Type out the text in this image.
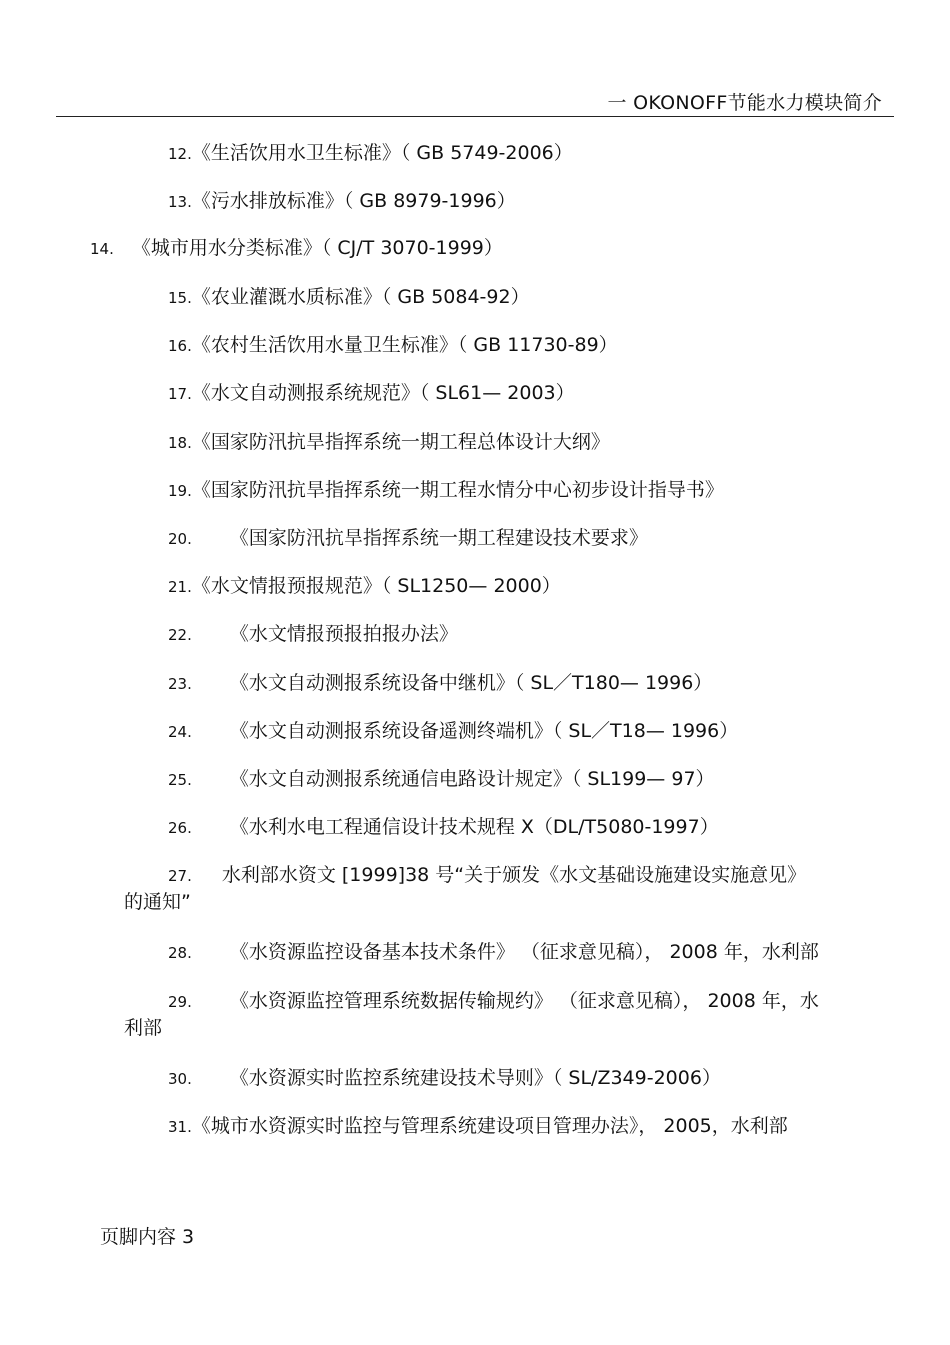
一 OKONOFF节能水力模块简介
12.《生活饮用水卫生标准》（ GB 5749-2006）
13.《污水排放标准》（ GB 8979-1996）
14. 《城市用水分类标准》（ CJ/T 3070-1999）
15.《农业灌溉水质标准》（ GB 5084-92）
16.《农村生活饮用水量卫生标准》（ GB 11730-89）
17.《水文自动测报系统规范》（ SL61— 2003）
18.《国家防汛抗旱指挥系统一期工程总体设计大纲》
19.《国家防汛抗旱指挥系统一期工程水情分中心初步设计指导书》
20. 《国家防汛抗旱指挥系统一期工程建设技术要求》
21.《水文情报预报规范》（ SL1250— 2000）
22. 《水文情报预报拍报办法》
23. 《水文自动测报系统设备中继机》（ SL／T180— 1996）
24. 《水文自动测报系统设备遥测终端机》（ SL／T18— 1996）
25. 《水文自动测报系统通信电路设计规定》（ SL199— 97）
26. 《水利水电工程通信设计技术规程 X（DL/T5080-1997）
27. 水利部水资文 [1999]38 号“关于颁发《水文基础设施建设实施意见》
的通知”
28. 《水资源监控设备基本技术条件》 （征求意见稿）， 2008 年，水利部
29. 《水资源监控管理系统数据传输规约》 （征求意见稿）， 2008 年，水
利部
30. 《水资源实时监控系统建设技术导则》（ SL/Z349-2006）
31.《城市水资源实时监控与管理系统建设项目管理办法》， 2005，水利部
页脚内容 3
